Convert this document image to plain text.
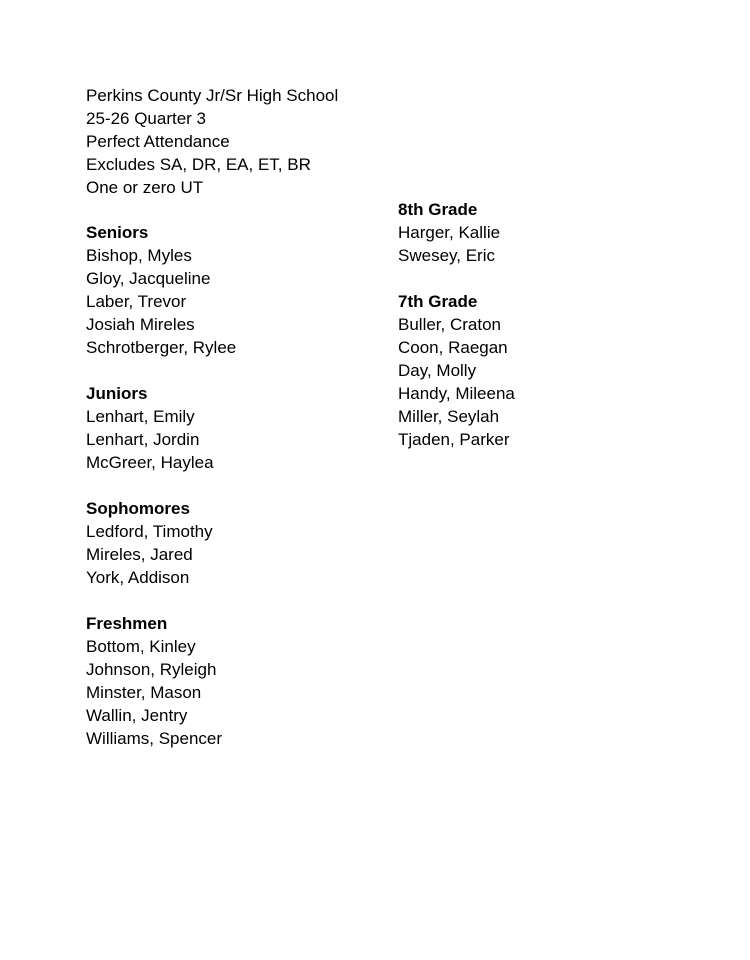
Perkins County Jr/Sr High School
25-26 Quarter 3
Perfect Attendance
Excludes SA, DR, EA, ET, BR
One or zero UT
Seniors
Bishop, Myles
Gloy, Jacqueline
Laber, Trevor
Josiah Mireles
Schrotberger, Rylee
Juniors
Lenhart, Emily
Lenhart, Jordin
McGreer, Haylea
Sophomores
Ledford, Timothy
Mireles, Jared
York, Addison
Freshmen
Bottom, Kinley
Johnson, Ryleigh
Minster, Mason
Wallin, Jentry
Williams, Spencer
8th Grade
Harger, Kallie
Swesey, Eric
7th Grade
Buller, Craton
Coon, Raegan
Day, Molly
Handy, Mileena
Miller, Seylah
Tjaden, Parker
